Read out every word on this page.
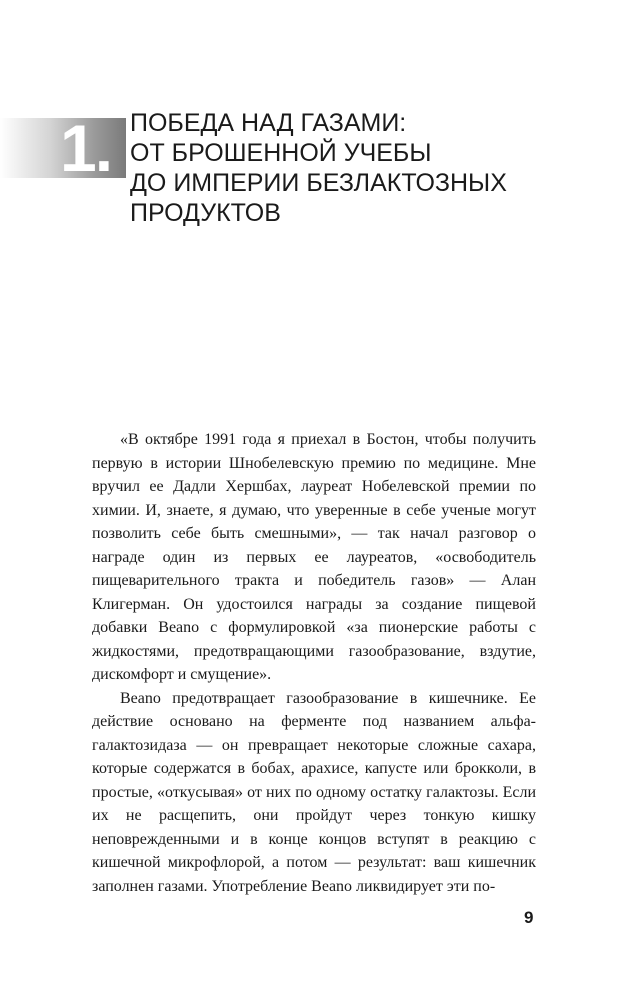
1. ПОБЕДА НАД ГАЗАМИ:
ОТ БРОШЕННОЙ УЧЕБЫ
ДО ИМПЕРИИ БЕЗЛАКТОЗНЫХ
ПРОДУКТОВ

«В октябре 1991 года я приехал в Бостон, чтобы получить первую в истории Шнобелевскую премию по медицине. Мне вручил ее Дадли Хершбах, лауреат Нобелевской премии по химии. И, знаете, я думаю, что уверенные в себе ученые могут позволить себе быть смешными», — так начал разговор о награде один из первых ее лауреатов, «освободитель пищеварительного тракта и победитель газов» — Алан Клигерман. Он удостоился награды за создание пищевой добавки Beano с формулировкой «за пионерские работы с жидкостями, предотвращающими газообразование, вздутие, дискомфорт и смущение».

Beano предотвращает газообразование в кишечнике. Ее действие основано на ферменте под названием альфа-галактозидаза — он превращает некоторые сложные сахара, которые содержатся в бобах, арахисе, капусте или брокколи, в простые, «откусывая» от них по одному остатку галактозы. Если их не расщепить, они пройдут через тонкую кишку неповрежденными и в конце концов вступят в реакцию с кишечной микрофлорой, а потом — результат: ваш кишечник заполнен газами. Употребление Beano ликвидирует эти по-

9
